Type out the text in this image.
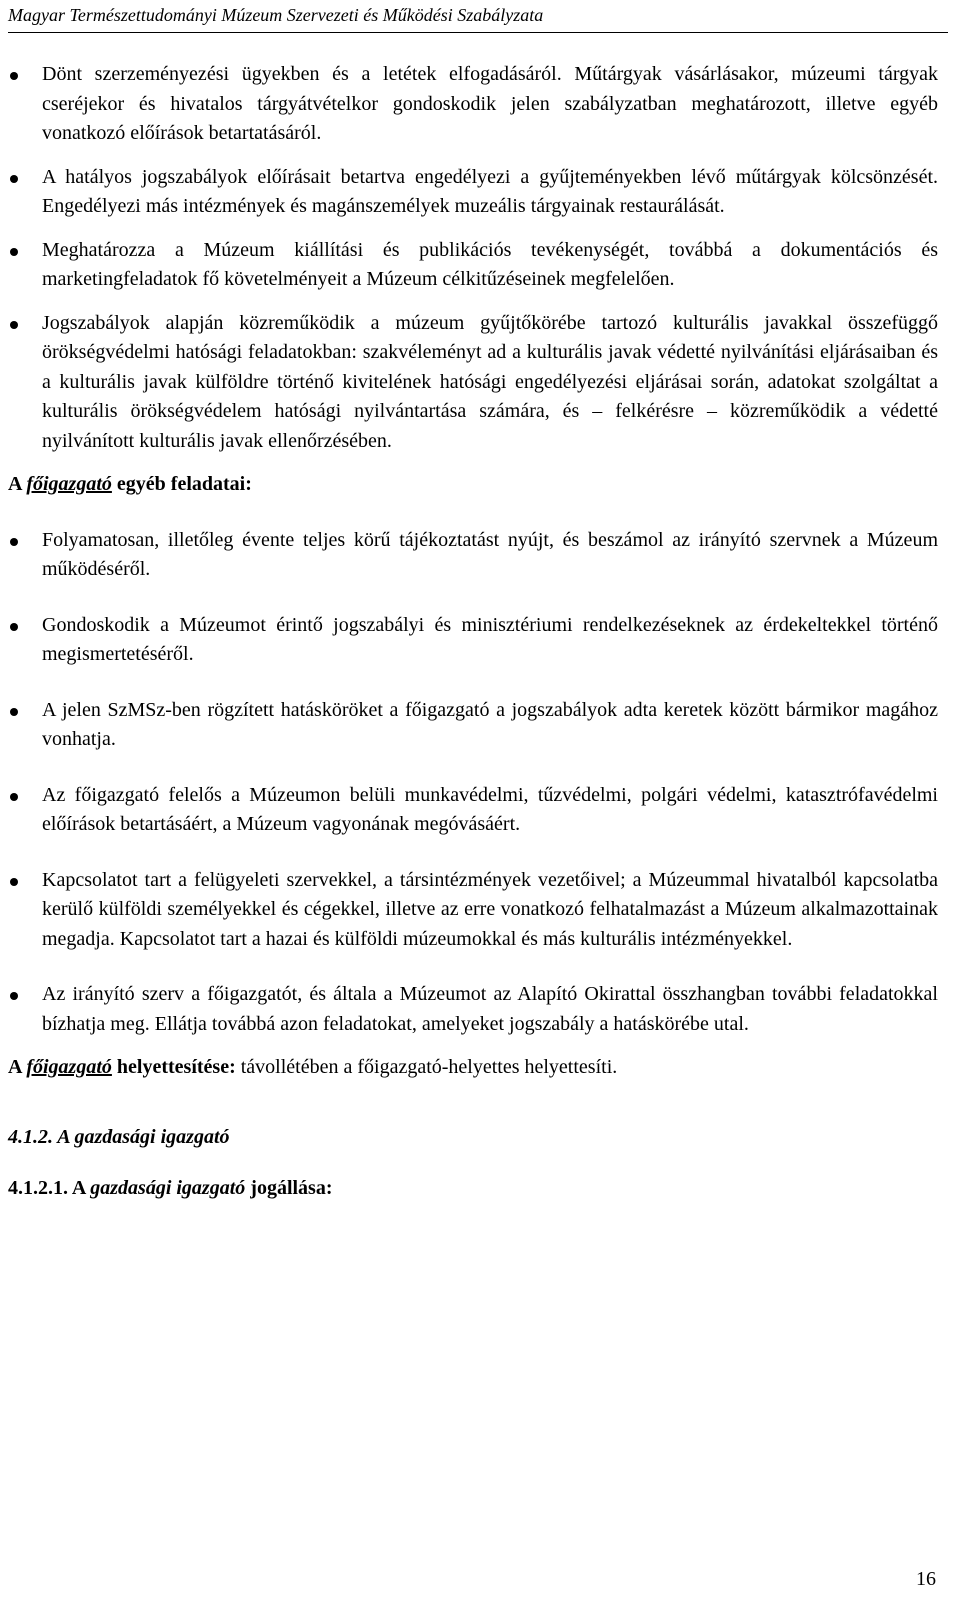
Magyar Természettudományi Múzeum Szervezeti és Működési Szabályzata
Dönt szerzeményezési ügyekben és a letétek elfogadásáról. Műtárgyak vásárlásakor, múzeumi tárgyak cseréjekor és hivatalos tárgyátvételkor gondoskodik jelen szabályzatban meghatározott, illetve egyéb vonatkozó előírások betartatásáról.
A hatályos jogszabályok előírásait betartva engedélyezi a gyűjteményekben lévő műtárgyak kölcsönzését. Engedélyezi más intézmények és magánszemélyek muzeális tárgyainak restaurálását.
Meghatározza a Múzeum kiállítási és publikációs tevékenységét, továbbá a dokumentációs és marketingfeladatok fő követelményeit a Múzeum célkitűzéseinek megfelelően.
Jogszabályok alapján közreműködik a múzeum gyűjtőkörébe tartozó kulturális javakkal összefüggő örökségvédelmi hatósági feladatokban: szakvéleményt ad a kulturális javak védetté nyilvánítási eljárásaiban és a kulturális javak külföldre történő kivitelének hatósági engedélyezési eljárásai során, adatokat szolgáltat a kulturális örökségvédelem hatósági nyilvántartása számára, és – felkérésre – közreműködik a védetté nyilvánított kulturális javak ellenőrzésében.

A főigazgató egyéb feladatai:

Folyamatosan, illetőleg évente teljes körű tájékoztatást nyújt, és beszámol az irányító szervnek a Múzeum működéséről.
Gondoskodik a Múzeumot érintő jogszabályi és minisztériumi rendelkezéseknek az érdekeltekkel történő megismertetéséről.
A jelen SzMSz-ben rögzített hatásköröket a főigazgató a jogszabályok adta keretek között bármikor magához vonhatja.
Az főigazgató felelős a Múzeumon belüli munkavédelmi, tűzvédelmi, polgári védelmi, katasztrófavédelmi előírások betartásáért, a Múzeum vagyonának megóvásáért.
Kapcsolatot tart a felügyeleti szervekkel, a társintézmények vezetőivel; a Múzeummal hivatalból kapcsolatba kerülő külföldi személyekkel és cégekkel, illetve az erre vonatkozó felhatalmazást a Múzeum alkalmazottainak megadja. Kapcsolatot tart a hazai és külföldi múzeumokkal és más kulturális intézményekkel.
Az irányító szerv a főigazgatót, és általa a Múzeumot az Alapító Okirattal összhangban további feladatokkal bízhatja meg. Ellátja továbbá azon feladatokat, amelyeket jogszabály a hatáskörébe utal.

A főigazgató helyettesítése: távollétében a főigazgató-helyettes helyettesíti.

4.1.2. A gazdasági igazgató

4.1.2.1. A gazdasági igazgató jogállása:

16
